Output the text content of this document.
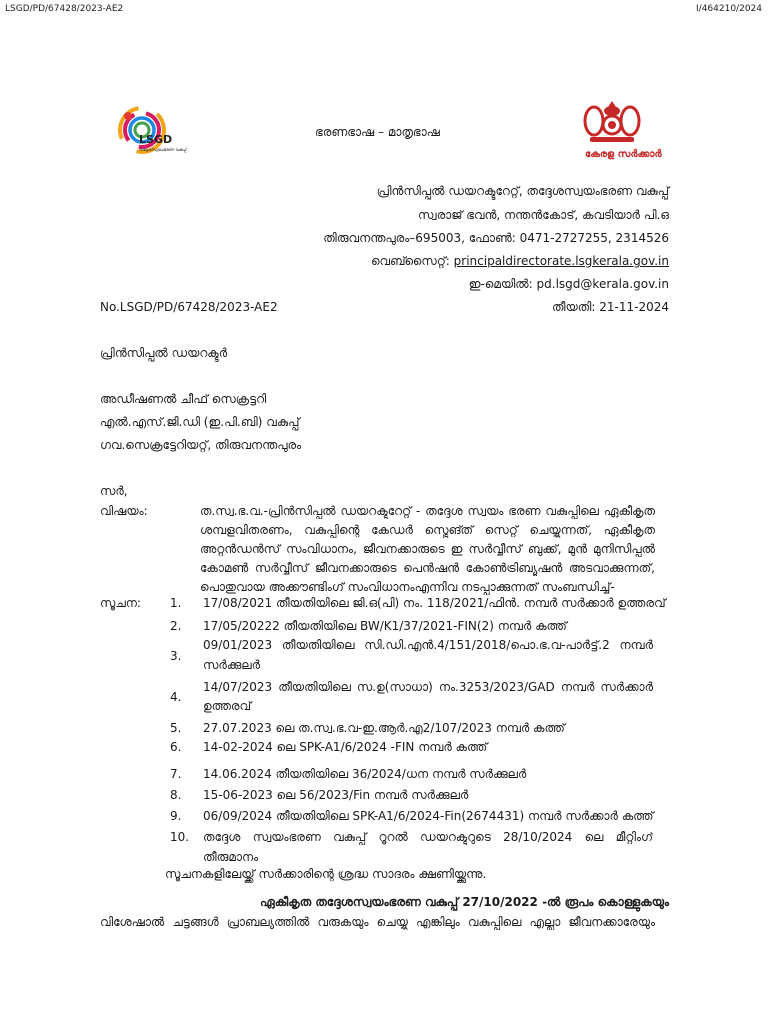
LSGD/PD/67428/2023-AE2	I/464210/2024
LSGD
തദ്ദേശസ്വയംഭരണ വകുപ്പ്	കേരള സർക്കാർ
ഭരണഭാഷ – മാതൃഭാഷ
പ്രിൻസിപ്പൽ ഡയറക്ടറേറ്റ്, തദ്ദേശസ്വയംഭരണ വകുപ്പ്
സ്വരാജ് ഭവൻ, നന്തൻകോട്, കവടിയാർ പി.ഒ
തിരുവനന്തപുരം–695003, ഫോൺ: 0471-2727255, 2314526
വെബ്സൈറ്റ്: principaldirectorate.lsgkerala.gov.in
ഇ-മെയിൽ: pd.lsgd@kerala.gov.in
No.LSGD/PD/67428/2023-AE2	തീയതി: 21-11-2024
പ്രിൻസിപ്പൽ ഡയറക്ടർ
അഡീഷണൽ ചീഫ് സെക്രട്ടറി
എൽ.എസ്.ജി.ഡി (ഇ.പി.ബി) വകുപ്പ്
ഗവ.സെക്രട്ടേറിയറ്റ്, തിരുവനന്തപുരം
സർ,
വിഷയം:	ത.സ്വ.ഭ.വ.-പ്രിൻസിപ്പൽ ഡയറക്ടറേറ്റ് - തദ്ദേശ സ്വയം ഭരണ വകുപ്പിലെ ഏകീകൃത
ശമ്പളവിതരണം, വകുപ്പിന്റെ കേഡർ സ്ട്രെങ്ത് സെറ്റ് ചെയ്യുന്നത്, ഏകീകൃത
അറ്റൻഡൻസ് സംവിധാനം, ജീവനക്കാരുടെ ഇ സർവ്വീസ് ബുക്ക്, മുൻ മുനിസിപ്പൽ
കോമൺ സർവ്വീസ് ജീവനക്കാരുടെ പെൻഷൻ കോൺട്രിബ്യൂഷൻ അടവാക്കുന്നത്,
പൊതുവായ അക്കൗണ്ടിംഗ് സംവിധാനംഎന്നിവ നടപ്പാക്കുന്നത് സംബന്ധിച്ച്-
സൂചന: 1. 17/08/2021 തീയതിയിലെ ജി.ഒ(പി) നം. 118/2021/ഫിൻ. നമ്പർ സർക്കാർ ഉത്തരവ്
2. 17/05/20222 തീയതിയിലെ BW/K1/37/2021-FIN(2) നമ്പർ കത്ത്
3.
09/01/2023 തീയതിയിലെ സി.ഡി.എൻ.4/151/2018/പൊ.ഭ.വ-പാർട്ട്.2 നമ്പർ
സർക്കുലർ
4.
14/07/2023 തീയതിയിലെ സ.ഉ(സാധാ) നം.3253/2023/GAD നമ്പർ സർക്കാർ
ഉത്തരവ്
5. 27.07.2023 ലെ ത.സ്വ.ഭ.വ-ഇ.ആർ.എ2/107/2023 നമ്പർ കത്ത്
6. 14-02-2024 ലെ SPK-A1/6/2024 -FIN നമ്പർ കത്ത്
7. 14.06.2024 തീയതിയിലെ 36/2024/ധന നമ്പർ സർക്കുലർ
8. 15-06-2023 ലെ 56/2023/Fin നമ്പർ സർക്കുലർ
9. 06/09/2024 തീയതിയിലെ SPK-A1/6/2024-Fin(2674431) നമ്പർ സർക്കാർ കത്ത്
10. തദ്ദേശ സ്വയംഭരണ വകുപ്പ് റൂറൽ ഡയറക്ടറുടെ 28/10/2024 ലെ മീറ്റിംഗ്
തീരുമാനം
സൂചനകളിലേയ്ക്ക് സർക്കാരിന്റെ ശ്രദ്ധ സാദരം ക്ഷണിയ്ക്കുന്നു.
ഏകീകൃത തദ്ദേശസ്വയംഭരണ വകുപ്പ് 27/10/2022 -ൽ രൂപം കൊള്ളുകയും
വിശേഷാൽ ചട്ടങ്ങൾ പ്രാബല്യത്തിൽ വരുകയും ചെയ്യു എങ്കിലും വകുപ്പിലെ എല്ലാ ജീവനക്കാരേയും
